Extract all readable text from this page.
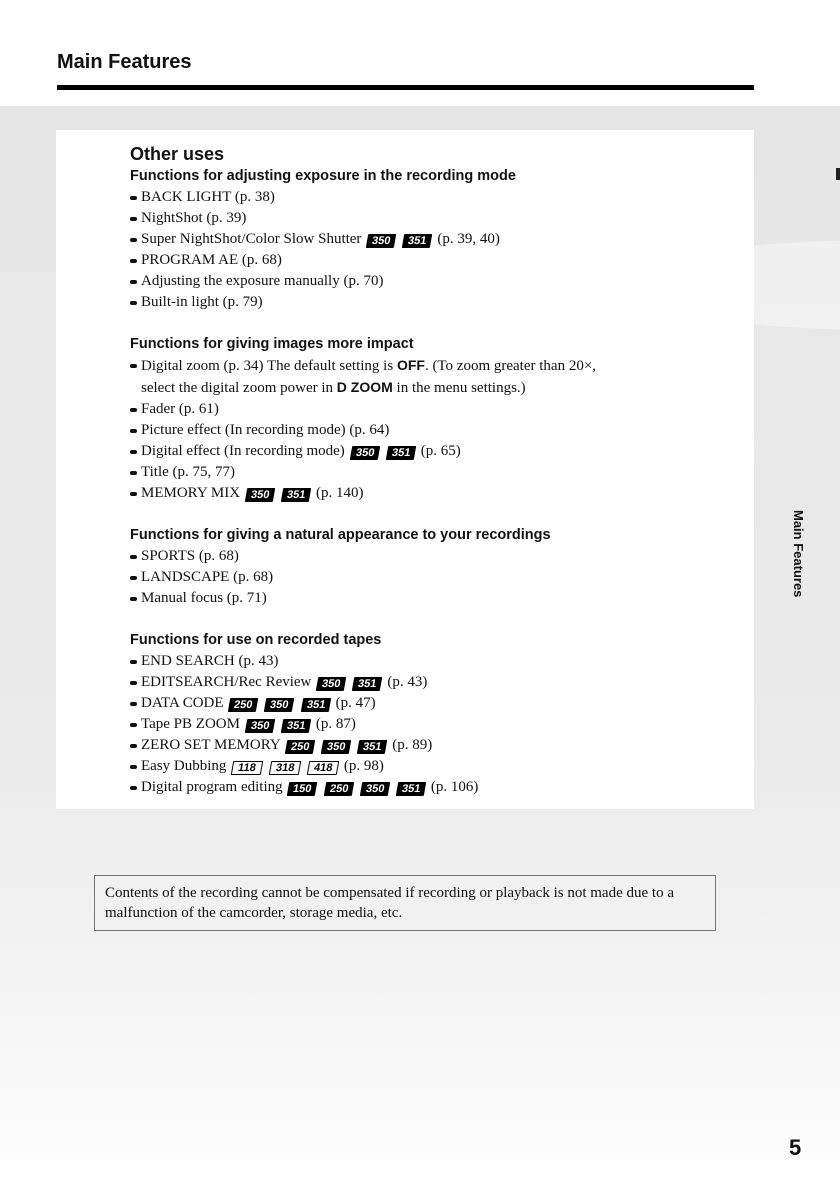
Main Features
Other uses
Functions for adjusting exposure in the recording mode
BACK LIGHT (p. 38)
NightShot (p. 39)
Super NightShot/Color Slow Shutter 350 351 (p. 39, 40)
PROGRAM AE (p. 68)
Adjusting the exposure manually (p. 70)
Built-in light (p. 79)
Functions for giving images more impact
Digital zoom (p. 34) The default setting is OFF. (To zoom greater than 20×,
select the digital zoom power in D ZOOM in the menu settings.)
Fader (p. 61)
Picture effect (In recording mode) (p. 64)
Digital effect (In recording mode) 350 351 (p. 65)
Title (p. 75, 77)
MEMORY MIX 350 351 (p. 140)
Functions for giving a natural appearance to your recordings
SPORTS (p. 68)
LANDSCAPE (p. 68)
Manual focus (p. 71)
Functions for use on recorded tapes
END SEARCH (p. 43)
EDITSEARCH/Rec Review 350 351 (p. 43)
DATA CODE 250 350 351 (p. 47)
Tape PB ZOOM 350 351 (p. 87)
ZERO SET MEMORY 250 350 351 (p. 89)
Easy Dubbing 118 318 418 (p. 98)
Digital program editing 150 250 350 351 (p. 106)
Main Features
Contents of the recording cannot be compensated if recording or playback is not made due to a malfunction of the camcorder, storage media, etc.
5
